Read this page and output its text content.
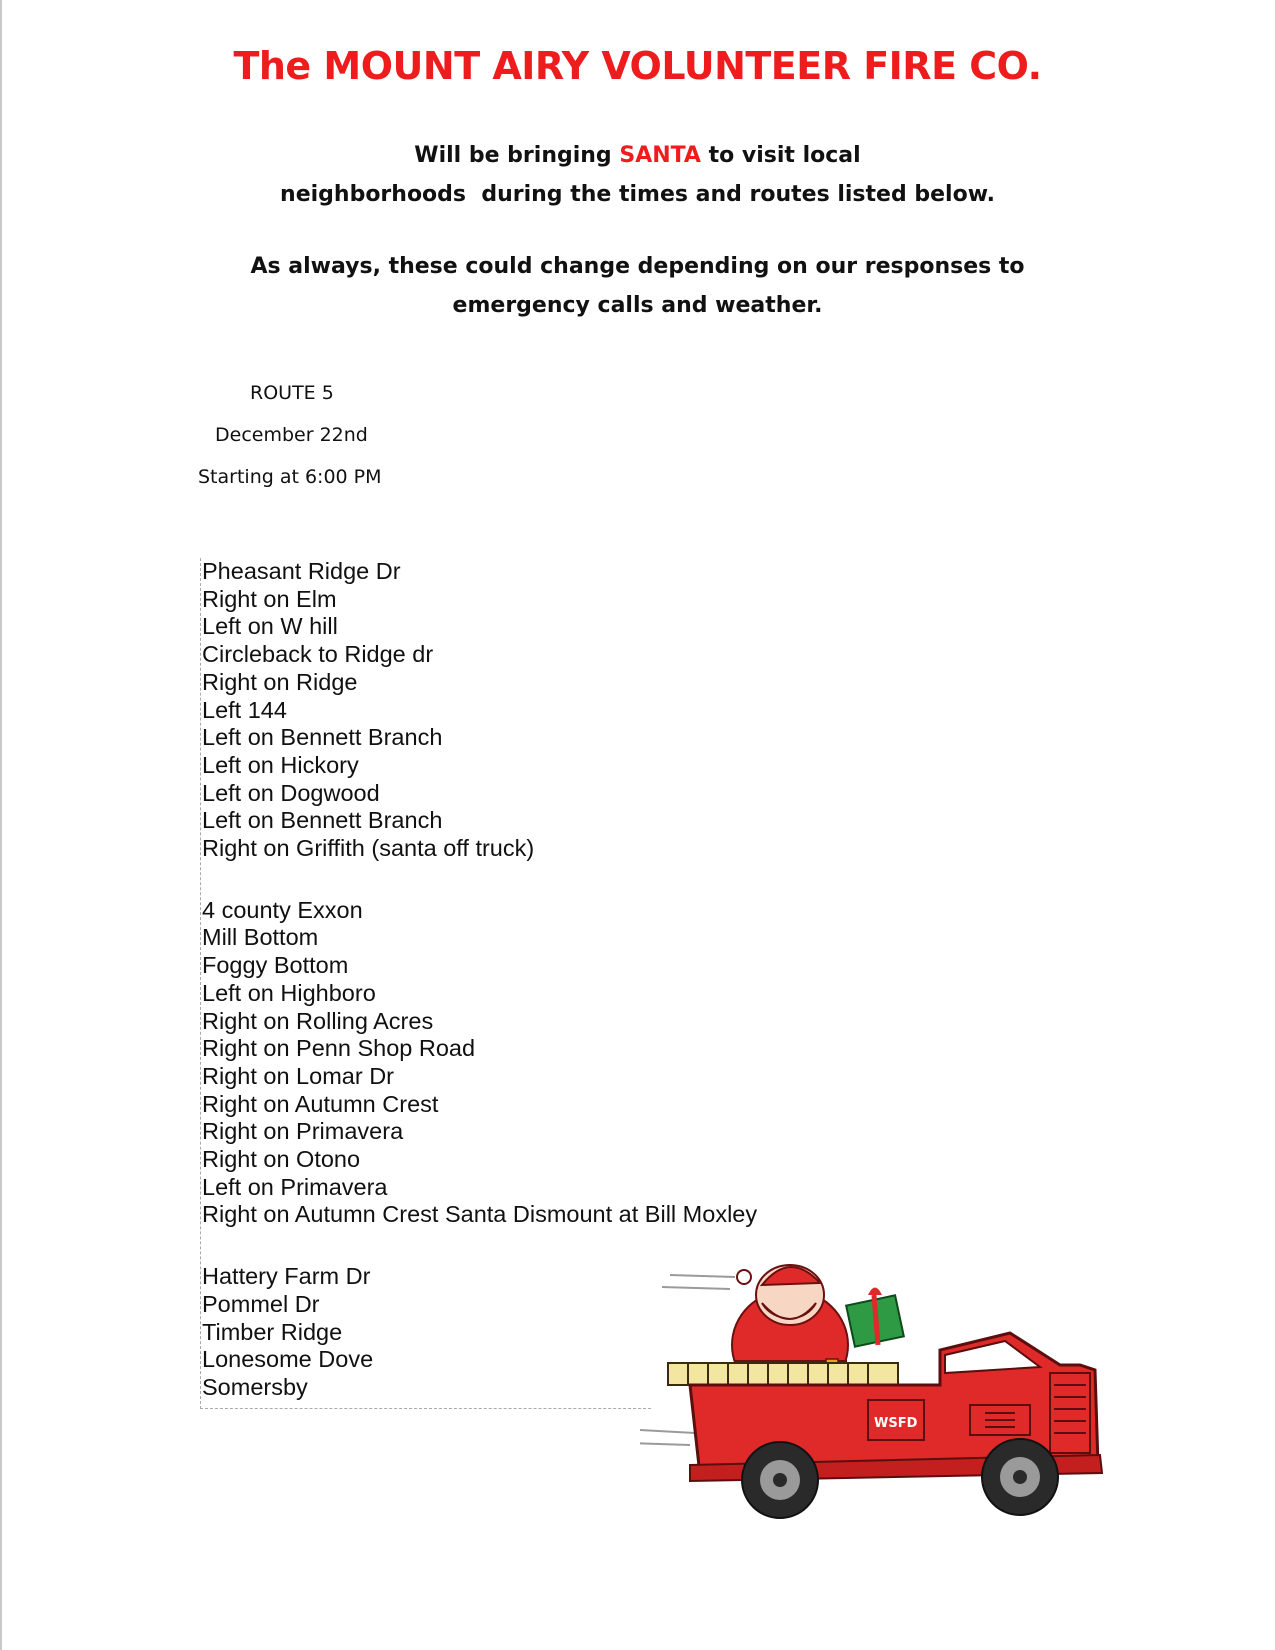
The MOUNT AIRY VOLUNTEER FIRE CO.
Will be bringing SANTA to visit local
neighborhoods  during the times and routes listed below.
As always, these could change depending on our responses to
emergency calls and weather.
ROUTE 5
December 22nd
Starting at 6:00 PM
Pheasant Ridge Dr
Right on Elm
Left on W hill
Circleback to Ridge dr
Right on Ridge
Left 144
Left on Bennett Branch
Left on Hickory
Left on Dogwood
Left on Bennett Branch
Right on Griffith (santa off truck)
4 county Exxon
Mill Bottom
Foggy Bottom
Left on Highboro
Right on Rolling Acres
Right on Penn Shop Road
Right on Lomar Dr
Right on Autumn Crest
Right on Primavera
Right on Otono
Left on Primavera
Right on Autumn Crest Santa Dismount at Bill Moxley
Hattery Farm Dr
Pommel Dr
Timber Ridge
Lonesome Dove
Somersby
WSFD
